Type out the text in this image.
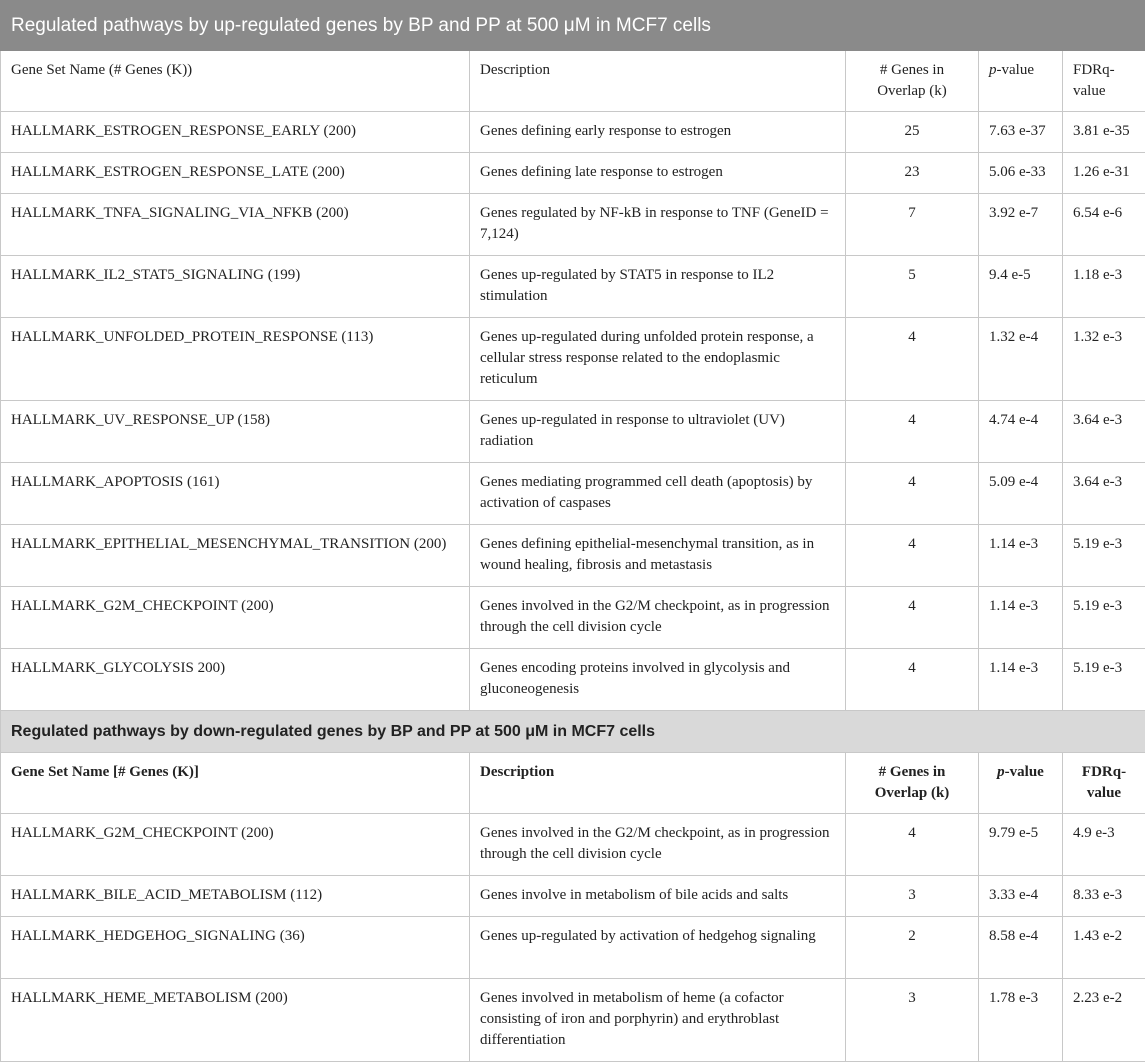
Regulated pathways by up-regulated genes by BP and PP at 500 μM in MCF7 cells				
Gene Set Name (# Genes (K))	Description	# Genes in Overlap (k)	p-value	FDRq-value
HALLMARK_ESTROGEN_RESPONSE_EARLY (200)	Genes defining early response to estrogen	25	7.63 e-37	3.81 e-35
HALLMARK_ESTROGEN_RESPONSE_LATE (200)	Genes defining late response to estrogen	23	5.06 e-33	1.26 e-31
HALLMARK_TNFA_SIGNALING_VIA_NFKB (200)	Genes regulated by NF-kB in response to TNF (GeneID = 7,124)	7	3.92 e-7	6.54 e-6
HALLMARK_IL2_STAT5_SIGNALING (199)	Genes up-regulated by STAT5 in response to IL2 stimulation	5	9.4 e-5	1.18 e-3
HALLMARK_UNFOLDED_PROTEIN_RESPONSE (113)	Genes up-regulated during unfolded protein response, a cellular stress response related to the endoplasmic reticulum	4	1.32 e-4	1.32 e-3
HALLMARK_UV_RESPONSE_UP (158)	Genes up-regulated in response to ultraviolet (UV) radiation	4	4.74 e-4	3.64 e-3
HALLMARK_APOPTOSIS (161)	Genes mediating programmed cell death (apoptosis) by activation of caspases	4	5.09 e-4	3.64 e-3
HALLMARK_EPITHELIAL_MESENCHYMAL_TRANSITION (200)	Genes defining epithelial-mesenchymal transition, as in wound healing, fibrosis and metastasis	4	1.14 e-3	5.19 e-3
HALLMARK_G2M_CHECKPOINT (200)	Genes involved in the G2/M checkpoint, as in progression through the cell division cycle	4	1.14 e-3	5.19 e-3
HALLMARK_GLYCOLYSIS 200)	Genes encoding proteins involved in glycolysis and gluconeogenesis	4	1.14 e-3	5.19 e-3
Regulated pathways by down-regulated genes by BP and PP at 500 μM in MCF7 cells				
Gene Set Name [# Genes (K)]	Description	# Genes in Overlap (k)	p-value	FDRq-value
HALLMARK_G2M_CHECKPOINT (200)	Genes involved in the G2/M checkpoint, as in progression through the cell division cycle	4	9.79 e-5	4.9 e-3
HALLMARK_BILE_ACID_METABOLISM (112)	Genes involve in metabolism of bile acids and salts	3	3.33 e-4	8.33 e-3
HALLMARK_HEDGEHOG_SIGNALING (36)	Genes up-regulated by activation of hedgehog signaling	2	8.58 e-4	1.43 e-2
HALLMARK_HEME_METABOLISM (200)	Genes involved in metabolism of heme (a cofactor consisting of iron and porphyrin) and erythroblast differentiation	3	1.78 e-3	2.23 e-2
